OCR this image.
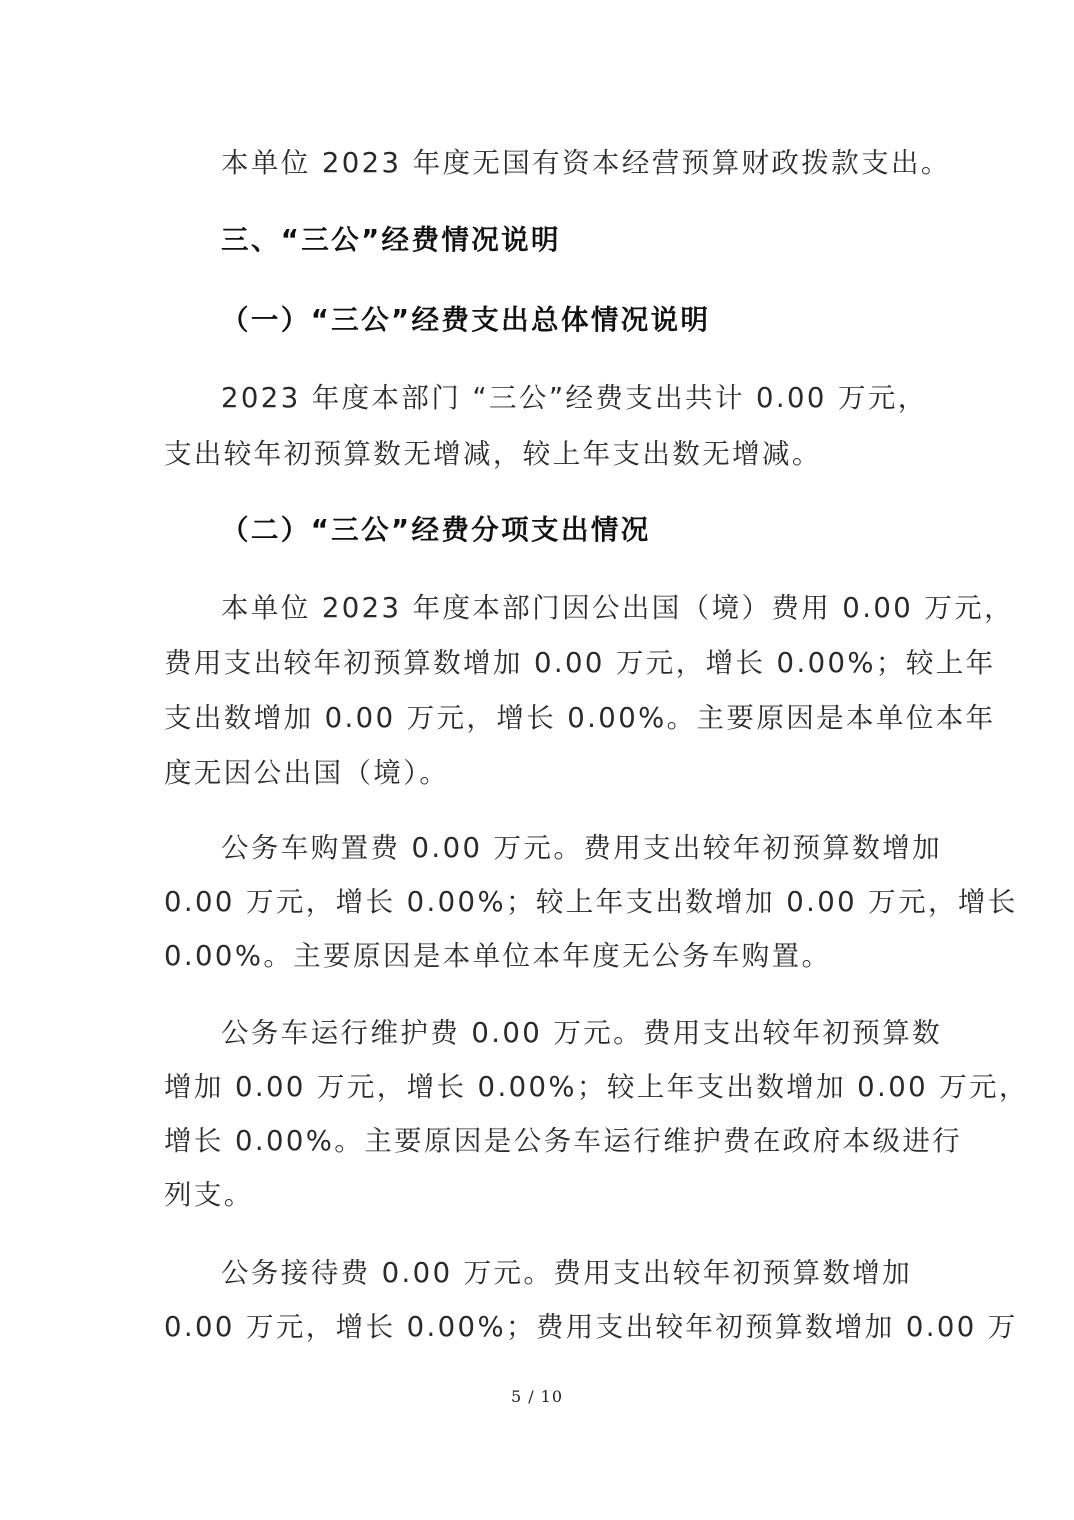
本单位 2023 年度无国有资本经营预算财政拨款支出。
三、“三公”经费情况说明
（一）“三公”经费支出总体情况说明
2023 年度本部门 “三公”经费支出共计 0.00 万元，
支出较年初预算数无增减，较上年支出数无增减。
（二）“三公”经费分项支出情况
本单位 2023 年度本部门因公出国（境）费用 0.00 万元，
费用支出较年初预算数增加 0.00 万元，增长 0.00%；较上年
支出数增加 0.00 万元，增长 0.00%。主要原因是本单位本年
度无因公出国（境）。
公务车购置费 0.00 万元。费用支出较年初预算数增加
0.00 万元，增长 0.00%；较上年支出数增加 0.00 万元，增长
0.00%。主要原因是本单位本年度无公务车购置。
公务车运行维护费 0.00 万元。费用支出较年初预算数
增加 0.00 万元，增长 0.00%；较上年支出数增加 0.00 万元，
增长 0.00%。主要原因是公务车运行维护费在政府本级进行
列支。
公务接待费 0.00 万元。费用支出较年初预算数增加
0.00 万元，增长 0.00%；费用支出较年初预算数增加 0.00 万
5 / 10
